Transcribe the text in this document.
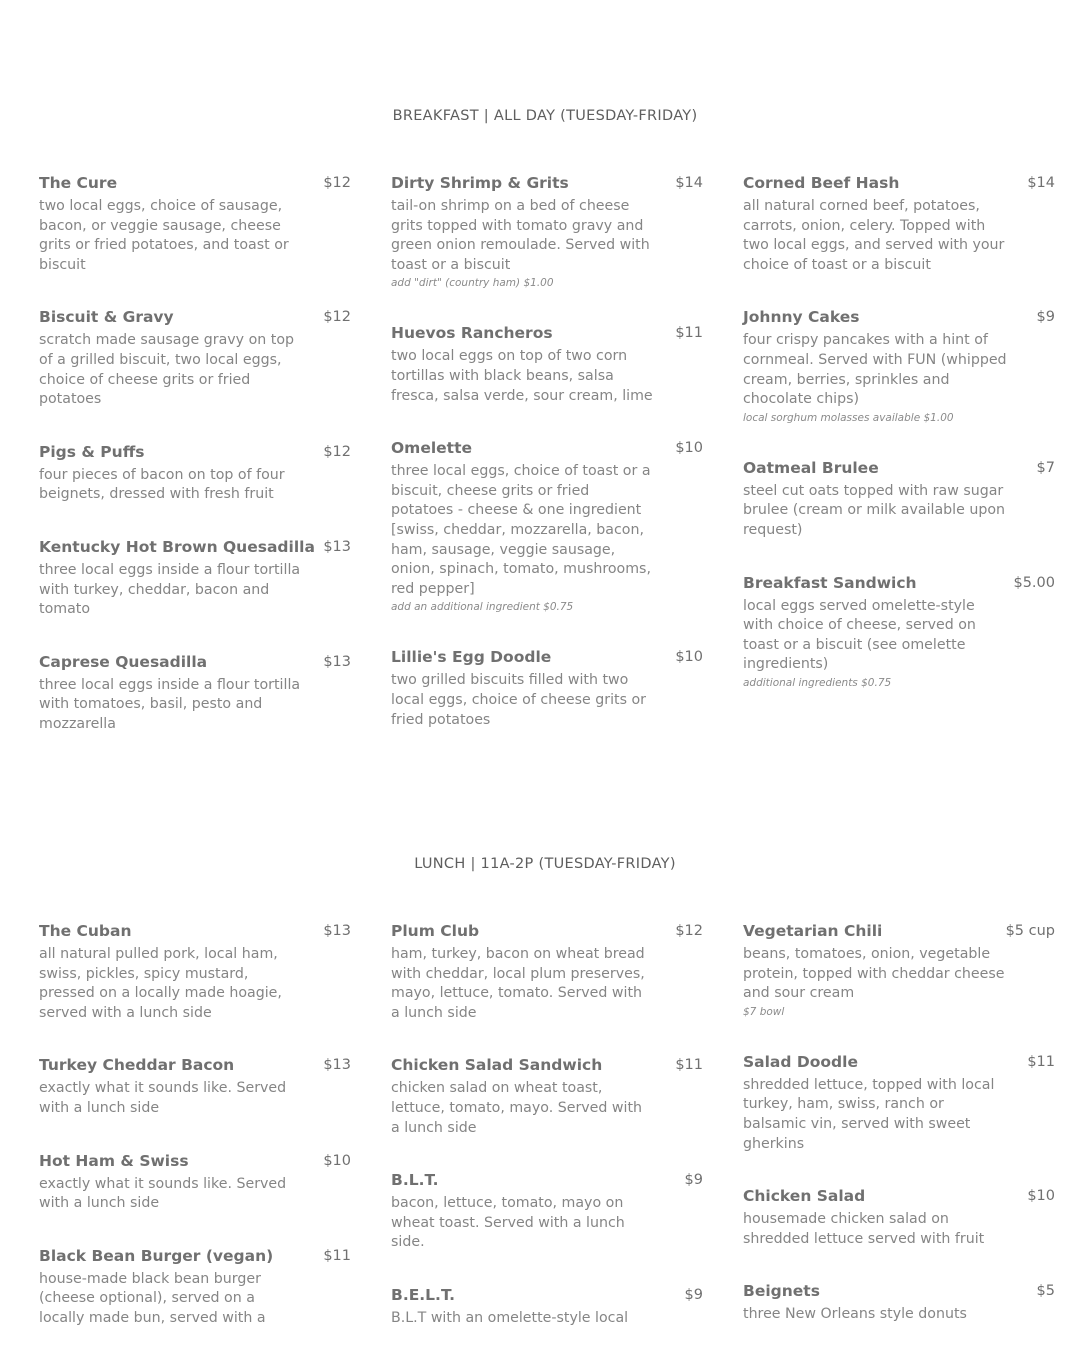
BREAKFAST | ALL DAY (TUESDAY-FRIDAY)
The Cure	$12

two local eggs, choice of sausage, bacon, or veggie sausage, cheese grits or fried potatoes, and toast or biscuit

Biscuit & Gravy	$12

scratch made sausage gravy on top of a grilled biscuit, two local eggs, choice of cheese grits or fried potatoes

Pigs & Puffs	$12

four pieces of bacon on top of four beignets, dressed with fresh fruit

Kentucky Hot Brown Quesadilla $13

three local eggs inside a flour tortilla with turkey, cheddar, bacon and tomato

Caprese Quesadilla	$13

three local eggs inside a flour tortilla with tomatoes, basil, pesto and mozzarella

Dirty Shrimp & Grits	$14

tail-on shrimp on a bed of cheese grits topped with tomato gravy and green onion remoulade. Served with toast or a biscuit

add "dirt" (country ham) $1.00

Huevos Rancheros	$11

two local eggs on top of two corn tortillas with black beans, salsa fresca, salsa verde, sour cream, lime

Omelette	$10

three local eggs, choice of toast or a biscuit, cheese grits or fried potatoes - cheese & one ingredient [swiss, cheddar, mozzarella, bacon, ham, sausage, veggie sausage, onion, spinach, tomato, mushrooms, red pepper]

add an additional ingredient $0.75

Lillie's Egg Doodle	$10

two grilled biscuits filled with two local eggs, choice of cheese grits or fried potatoes

Corned Beef Hash	$14

all natural corned beef, potatoes, carrots, onion, celery. Topped with two local eggs, and served with your choice of toast or a biscuit

Johnny Cakes	$9

four crispy pancakes with a hint of cornmeal. Served with FUN (whipped cream, berries, sprinkles and chocolate chips)

local sorghum molasses available $1.00

Oatmeal Brulee	$7

steel cut oats topped with raw sugar brulee (cream or milk available upon request)

Breakfast Sandwich	$5.00

local eggs served omelette-style with choice of cheese, served on toast or a biscuit (see omelette ingredients)

additional ingredients $0.75

LUNCH | 11A-2P (TUESDAY-FRIDAY)
The Cuban	$13

all natural pulled pork, local ham, swiss, pickles, spicy mustard, pressed on a locally made hoagie, served with a lunch side

Turkey Cheddar Bacon	$13

exactly what it sounds like. Served with a lunch side

Hot Ham & Swiss	$10

exactly what it sounds like. Served with a lunch side

Black Bean Burger (vegan)	$11

house-made black bean burger (cheese optional), served on a locally made bun, served with a

Plum Club	$12

ham, turkey, bacon on wheat bread with cheddar, local plum preserves, mayo, lettuce, tomato. Served with a lunch side

Chicken Salad Sandwich	$11

chicken salad on wheat toast, lettuce, tomato, mayo. Served with a lunch side

B.L.T.	$9

bacon, lettuce, tomato, mayo on wheat toast. Served with a lunch side.

B.E.L.T.	$9

B.L.T with an omelette-style local

Vegetarian Chili	$5 cup

beans, tomatoes, onion, vegetable protein, topped with cheddar cheese and sour cream

$7 bowl

Salad Doodle	$11

shredded lettuce, topped with local turkey, ham, swiss, ranch or balsamic vin, served with sweet gherkins

Chicken Salad	$10

housemade chicken salad on shredded lettuce served with fruit

Beignets	$5

three New Orleans style donuts
